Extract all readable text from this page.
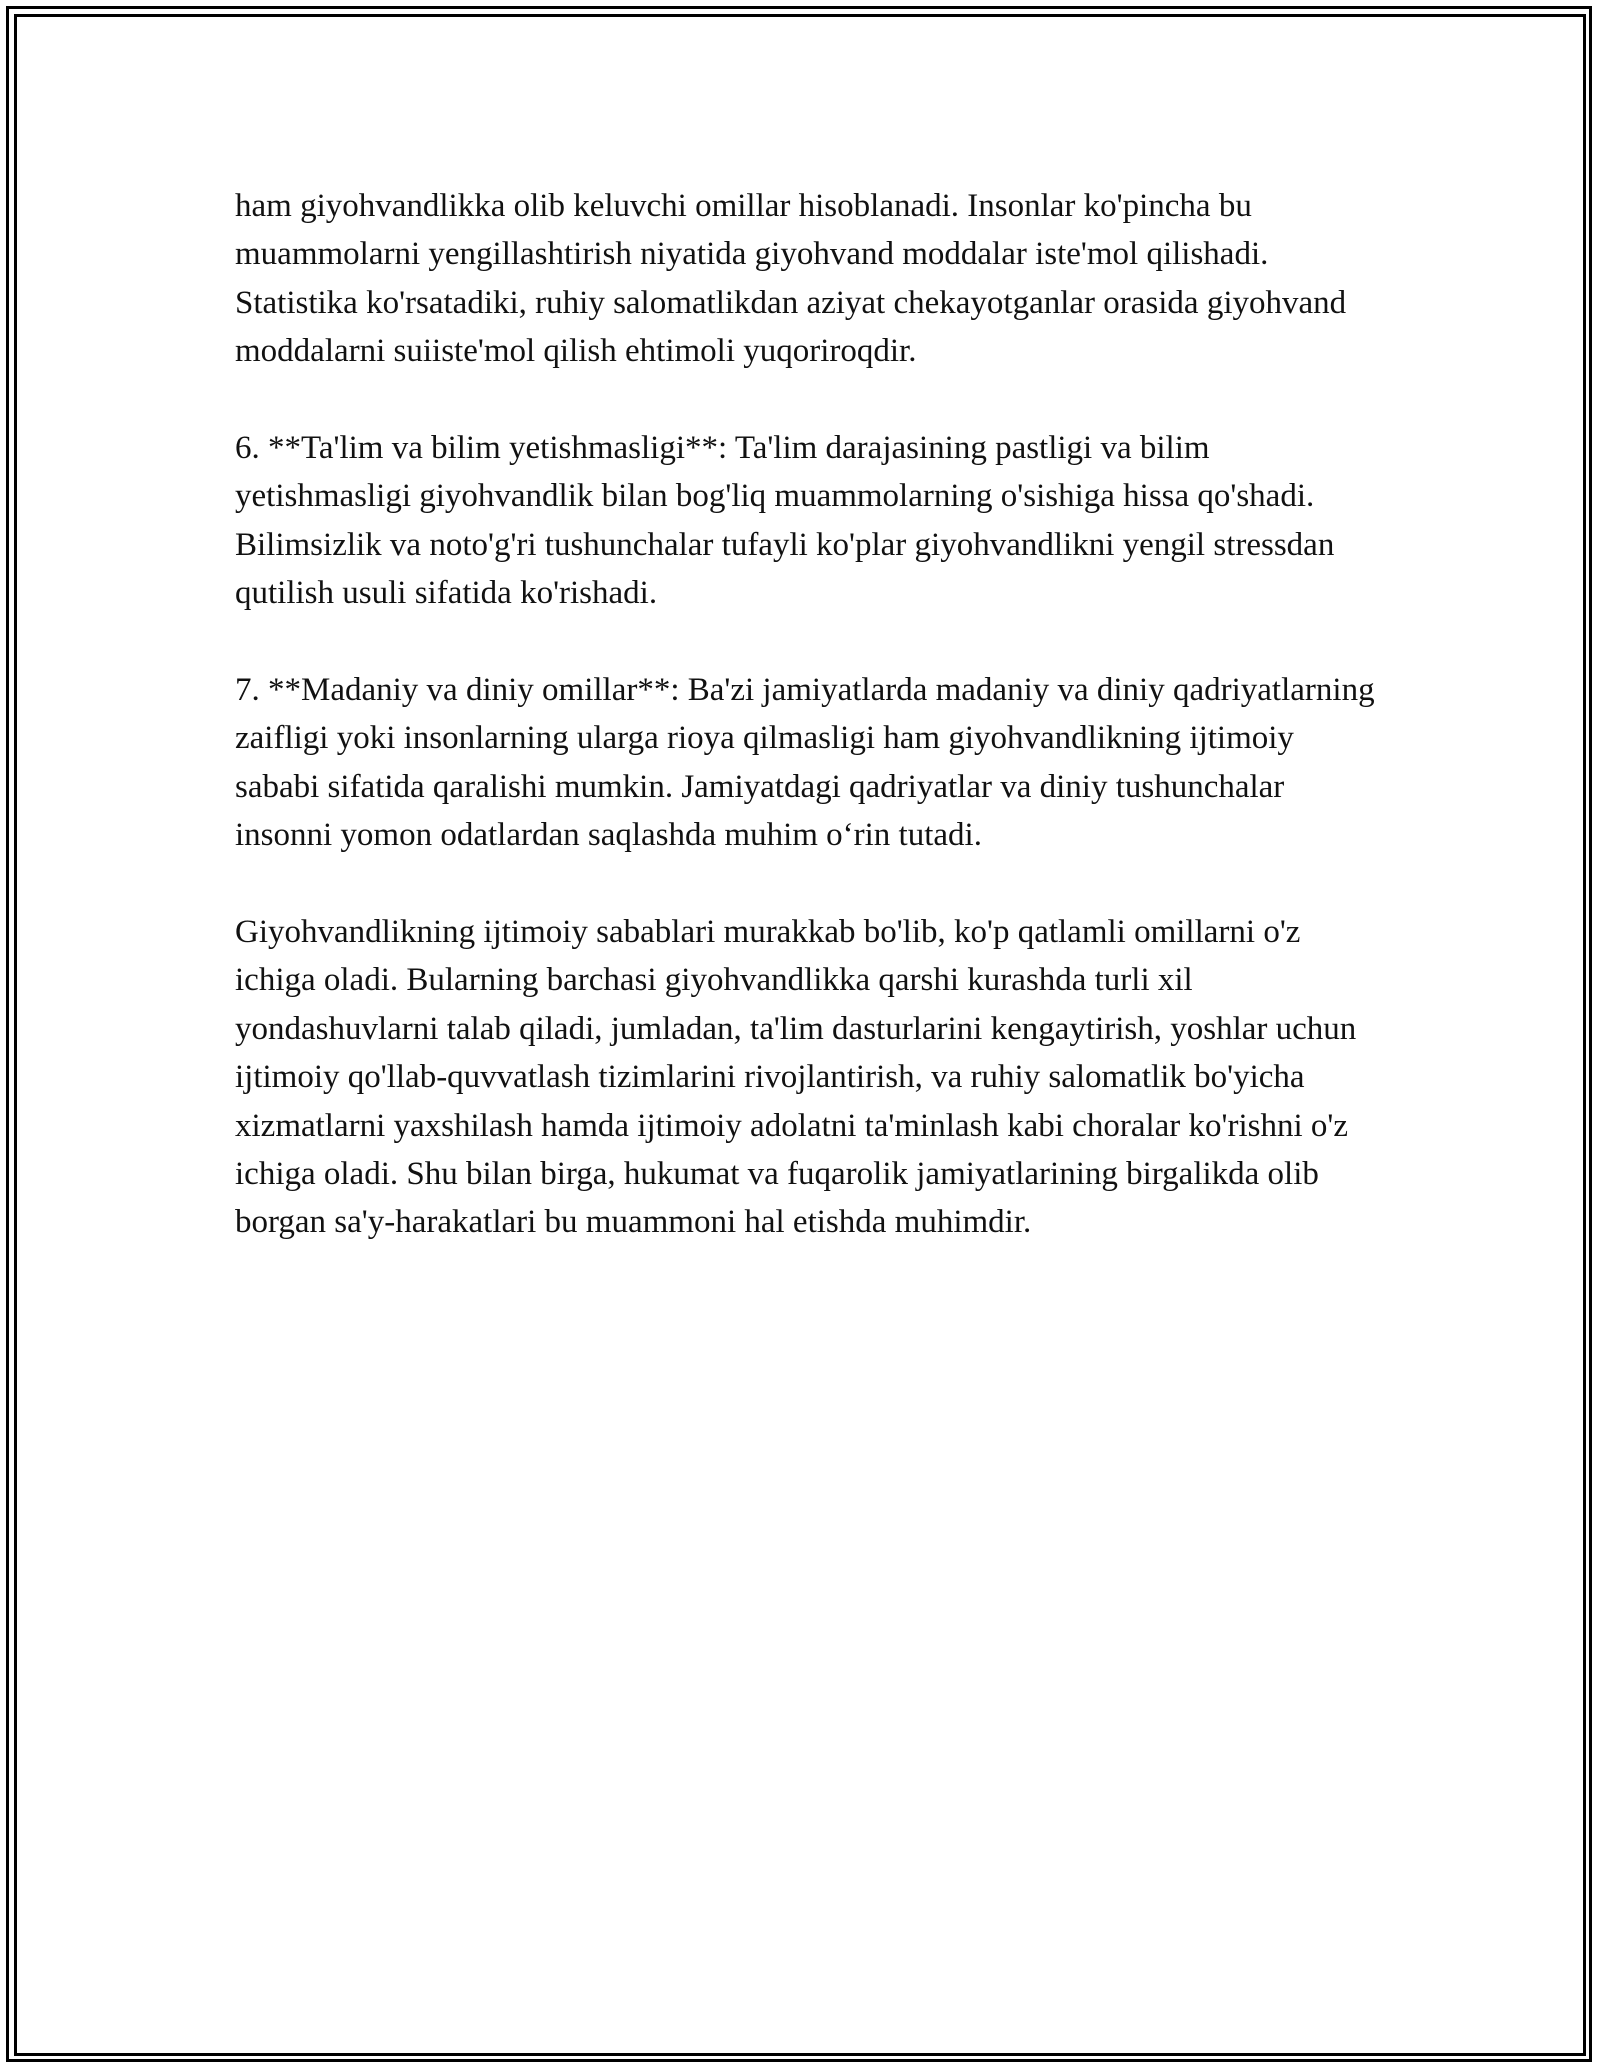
ham giyohvandlikka olib keluvchi omillar hisoblanadi. Insonlar ko'pincha bu muammolarni yengillashtirish niyatida giyohvand moddalar iste'mol qilishadi. Statistika ko'rsatadiki, ruhiy salomatlikdan aziyat chekayotganlar orasida giyohvand moddalarni suiiste'mol qilish ehtimoli yuqoriroqdir.

6. **Ta'lim va bilim yetishmasligi**: Ta'lim darajasining pastligi va bilim yetishmasligi giyohvandlik bilan bog'liq muammolarning o'sishiga hissa qo'shadi. Bilimsizlik va noto'g'ri tushunchalar tufayli ko'plar giyohvandlikni yengil stressdan qutilish usuli sifatida ko'rishadi.

7. **Madaniy va diniy omillar**: Ba'zi jamiyatlarda madaniy va diniy qadriyatlarning zaifligi yoki insonlarning ularga rioya qilmasligi ham giyohvandlikning ijtimoiy sababi sifatida qaralishi mumkin. Jamiyatdagi qadriyatlar va diniy tushunchalar insonni yomon odatlardan saqlashda muhim o‘rin tutadi.

Giyohvandlikning ijtimoiy sabablari murakkab bo'lib, ko'p qatlamli omillarni o'z ichiga oladi. Bularning barchasi giyohvandlikka qarshi kurashda turli xil yondashuvlarni talab qiladi, jumladan, ta'lim dasturlarini kengaytirish, yoshlar uchun ijtimoiy qo'llab-quvvatlash tizimlarini rivojlantirish, va ruhiy salomatlik bo'yicha xizmatlarni yaxshilash hamda ijtimoiy adolatni ta'minlash kabi choralar ko'rishni o'z ichiga oladi. Shu bilan birga, hukumat va fuqarolik jamiyatlarining birgalikda olib borgan sa'y-harakatlari bu muammoni hal etishda muhimdir.
